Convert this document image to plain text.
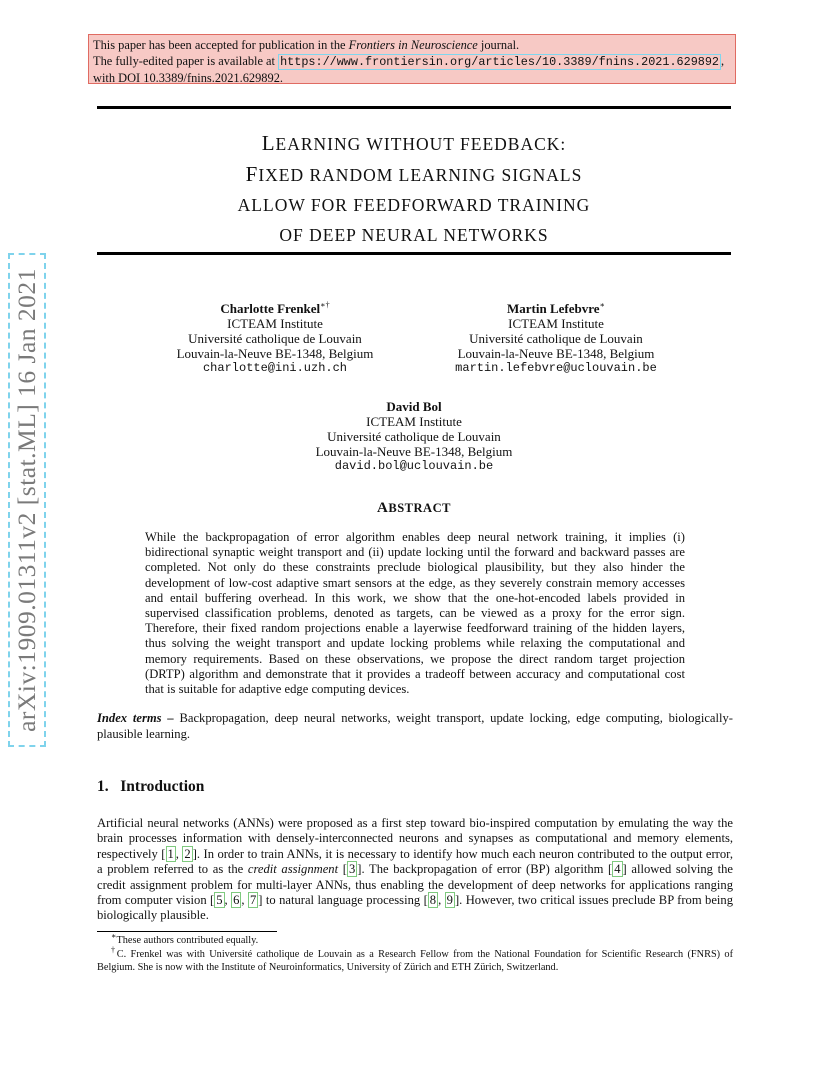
This paper has been accepted for publication in the Frontiers in Neuroscience journal.
The fully-edited paper is available at https://www.frontiersin.org/articles/10.3389/fnins.2021.629892 ,
with DOI 10.3389/fnins.2021.629892.
arXiv:1909.01311v2 [stat.ML] 16 Jan 2021
LEARNING WITHOUT FEEDBACK:
FIXED RANDOM LEARNING SIGNALS
ALLOW FOR FEEDFORWARD TRAINING
OF DEEP NEURAL NETWORKS
Charlotte Frenkel∗†
ICTEAM Institute
Université catholique de Louvain
Louvain-la-Neuve BE-1348, Belgium
charlotte@ini.uzh.ch
Martin Lefebvre∗
ICTEAM Institute
Université catholique de Louvain
Louvain-la-Neuve BE-1348, Belgium
martin.lefebvre@uclouvain.be
David Bol
ICTEAM Institute
Université catholique de Louvain
Louvain-la-Neuve BE-1348, Belgium
david.bol@uclouvain.be
ABSTRACT

While the backpropagation of error algorithm enables deep neural network training, it implies (i) bidirectional synaptic weight transport and (ii) update locking until the forward and backward passes are completed. Not only do these constraints preclude biological plausibility, but they also hinder the development of low-cost adaptive smart sensors at the edge, as they severely constrain memory accesses and entail buffering overhead. In this work, we show that the one-hot-encoded labels provided in supervised classification problems, denoted as targets, can be viewed as a proxy for the error sign. Therefore, their fixed random projections enable a layerwise feedforward training of the hidden layers, thus solving the weight transport and update locking problems while relaxing the computational and memory requirements. Based on these observations, we propose the direct random target projection (DRTP) algorithm and demonstrate that it provides a tradeoff between accuracy and computational cost that is suitable for adaptive edge computing devices.

Index terms – Backpropagation, deep neural networks, weight transport, update locking, edge computing, biologically-plausible learning.

1. Introduction

Artificial neural networks (ANNs) were proposed as a first step toward bio-inspired computation by emulating the way the brain processes information with densely-interconnected neurons and synapses as computational and memory elements, respectively [ 1 , 2 ]. In order to train ANNs, it is necessary to identify how much each neuron contributed to the output error, a problem referred to as the credit assignment [ 3 ]. The backpropagation of error (BP) algorithm [ 4 ] allowed solving the credit assignment problem for multi-layer ANNs, thus enabling the development of deep networks for applications ranging from computer vision [ 5 , 6 , 7 ] to natural language processing [ 8 , 9 ]. However, two critical issues preclude BP from being biologically plausible.

∗These authors contributed equally.

†C. Frenkel was with Université catholique de Louvain as a Research Fellow from the National Foundation for Scientific Research (FNRS) of Belgium. She is now with the Institute of Neuroinformatics, University of Zürich and ETH Zürich, Switzerland.
